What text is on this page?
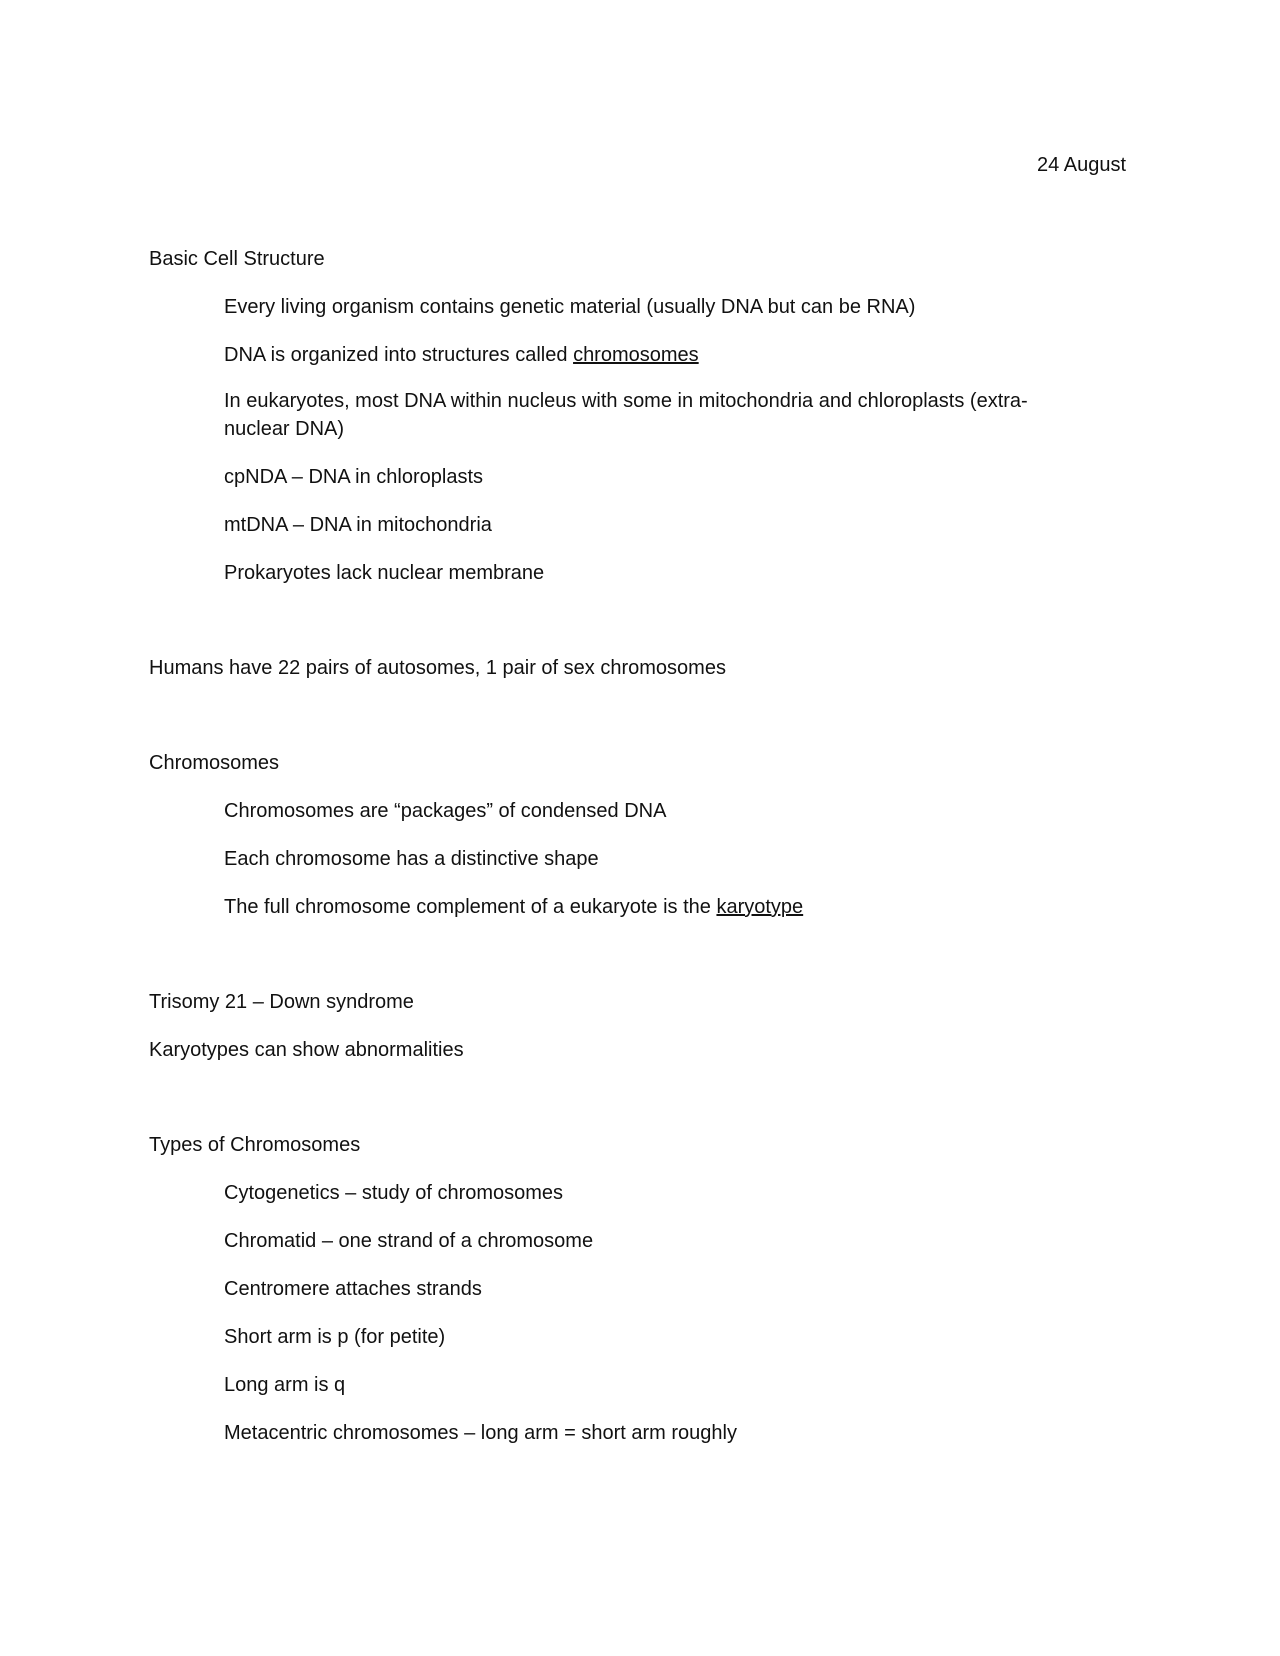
24 August

Basic Cell Structure

Every living organism contains genetic material (usually DNA but can be RNA)

DNA is organized into structures called chromosomes

In eukaryotes, most DNA within nucleus with some in mitochondria and chloroplasts (extra-nuclear DNA)

cpNDA – DNA in chloroplasts

mtDNA – DNA in mitochondria

Prokaryotes lack nuclear membrane

Humans have 22 pairs of autosomes, 1 pair of sex chromosomes

Chromosomes

Chromosomes are “packages” of condensed DNA

Each chromosome has a distinctive shape

The full chromosome complement of a eukaryote is the karyotype

Trisomy 21 – Down syndrome

Karyotypes can show abnormalities

Types of Chromosomes

Cytogenetics – study of chromosomes

Chromatid – one strand of a chromosome

Centromere attaches strands

Short arm is p (for petite)

Long arm is q

Metacentric chromosomes – long arm = short arm roughly
